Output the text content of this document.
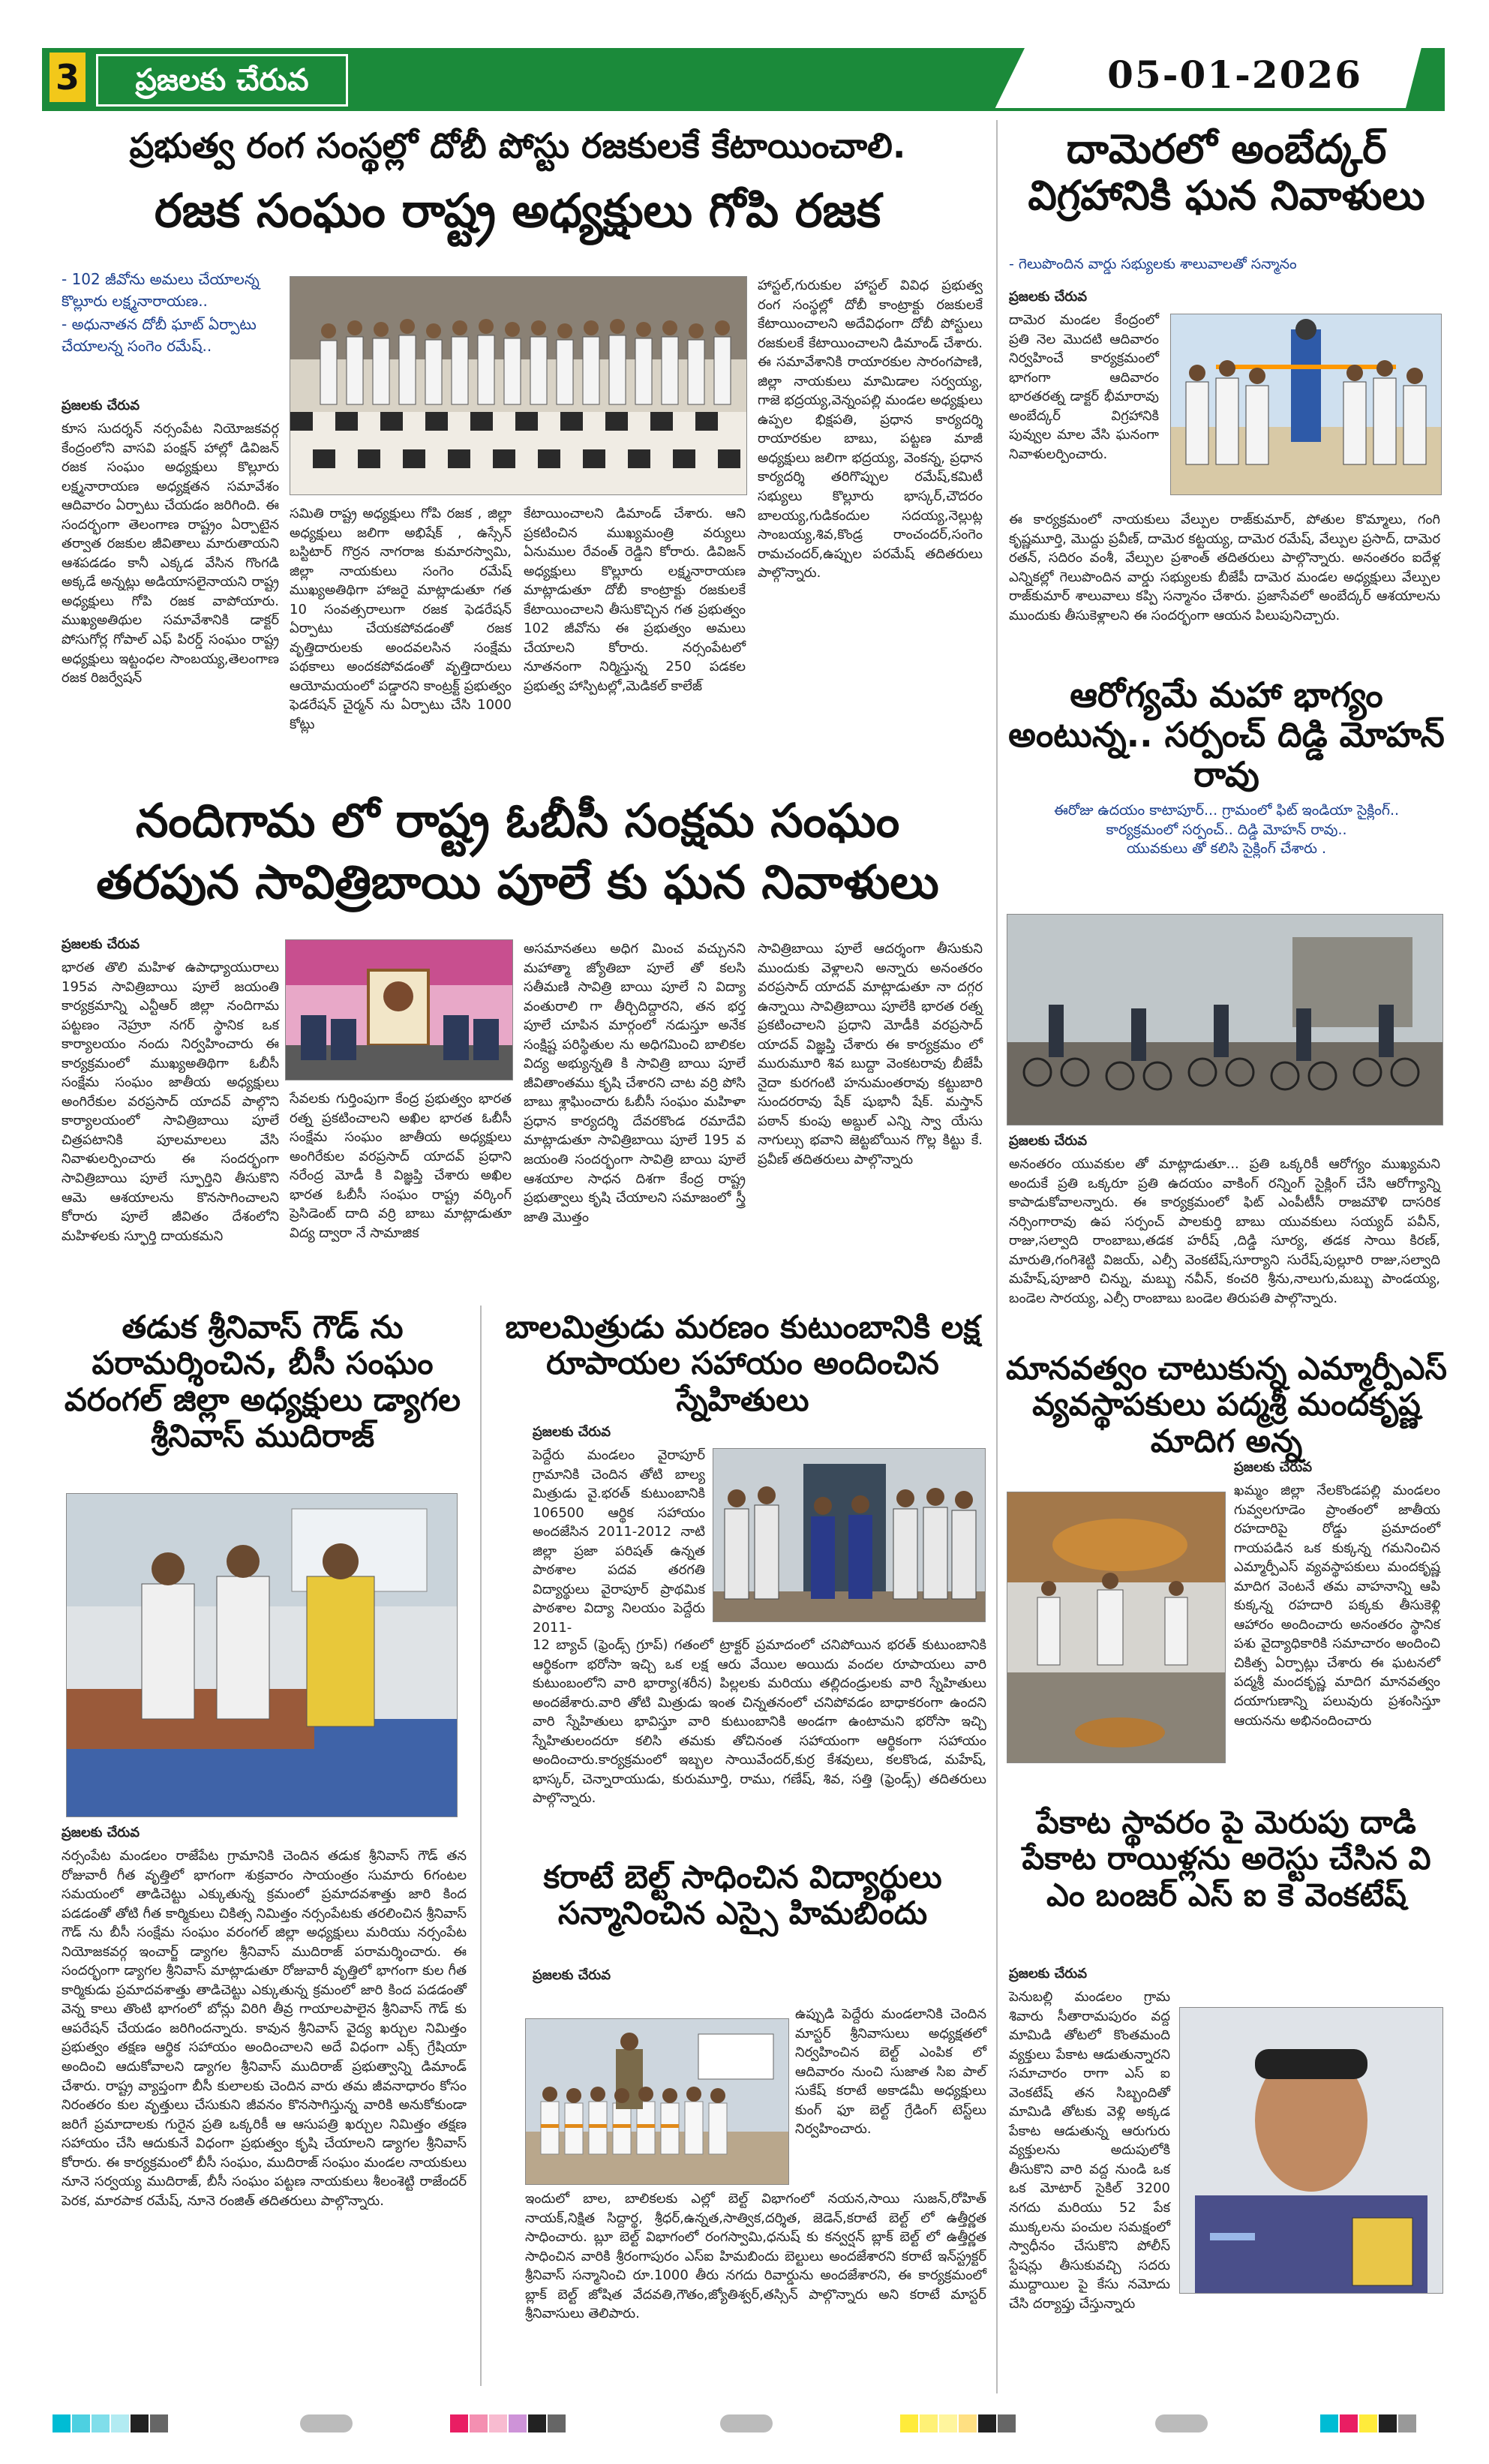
3	ప్రజలకు చేరువ	05-01-2026
ప్రభుత్వ రంగ సంస్థల్లో దోబీ పోస్టు రజకులకే కేటాయించాలి.
రజక సంఘం రాష్ట్ర అధ్యక్షులు గోపి రజక
- 102 జీవోను అమలు చేయాలన్న కొల్లూరు లక్ష్మనారాయణ..
- అధునాతన దోబీ ఘాట్ ఏర్పాటు చేయాలన్న సంగెం రమేష్..
ప్రజలకు చేరువ
కూస సుదర్శన్ నర్సంపేట నియోజకవర్గ కేంద్రంలోని వాసవి పంక్షన్ హాల్లో డివిజన్ రజక సంఘం అధ్యక్షులు కొల్లూరు లక్ష్మనారాయణ అధ్యక్షతన సమావేశం ఆదివారం ఏర్పాటు చేయడం జరిగింది. ఈ సందర్భంగా తెలంగాణ రాష్ట్రం ఏర్పాటైన తర్వాత రజకుల జీవితాలు మారుతాయని ఆశపడడం కానీ ఎక్కడ వేసిన గొంగడి అక్కడే అన్నట్లు అడియాసలైనాయని రాష్ట్ర అధ్యక్షులు గోపి రజక వాపోయారు. ముఖ్యఅతిథుల సమావేశానికి డాక్టర్ పోసుగోర్ల గోపాల్ ఎఫ్ పిరర్డ్ సంఘం రాష్ట్ర అధ్యక్షులు ఇట్టంధల సాంబయ్య,తెలంగాణ రజక రిజర్వేషన్
సమితి రాష్ట్ర అధ్యక్షులు గోపి రజక , జిల్లా అధ్యక్షులు జలిగా అభిషేక్ , ఉస్సేన్ బస్టిటార్ గొర్రన నాగరాజ కుమారస్వామి, జిల్లా నాయకులు సంగెం రమేష్ ముఖ్యఅతిథిగా హాజరై మాట్లాడుతూ గత 10 సంవత్సరాలుగా రజక ఫెడరేషన్ ఏర్పాటు చేయకపోవడంతో రజక వృత్తిదారులకు అందవలసిన సంక్షేమ పథకాలు అందకపోవడంతో వృత్తిదారులు ఆయోమయంలో పడ్డారని కాంట్రక్ట్ ప్రభుత్వం ఫెడరేషన్ చైర్మన్ ను ఏర్పాటు చేసి 1000 కోట్లు
కేటాయించాలని డిమాండ్ చేశారు. ఆని ప్రకటించిన ముఖ్యమంత్రి వర్యులు ఏనుముల రేవంత్ రెడ్డిని కోరారు. డివిజన్ అధ్యక్షులు కొల్లూరు లక్ష్మనారాయణ మాట్లాడుతూ దోబీ కాంట్రాక్టు రజకులకే కేటాయించాలని తీసుకొచ్చిన గత ప్రభుత్వం 102 జీవోను ఈ ప్రభుత్వం అమలు చేయాలని కోరారు. నర్సంపేటలో నూతనంగా నిర్మిస్తున్న 250 పడకల ప్రభుత్వ హాస్పిటల్లో,మెడికల్ కాలేజ్
హాస్టల్,గురుకుల హాస్టల్ వివిధ ప్రభుత్వ రంగ సంస్థల్లో దోబీ కాంట్రాక్టు రజకులకే కేటాయించాలని అదేవిధంగా దోబీ పోస్టులు రజకులకే కేటాయించాలని డిమాండ్ చేశారు. ఈ సమావేశానికి రాయారకుల సారంగపాణి, జిల్లా నాయకులు మామిడాల సర్వయ్య, గాజె భద్రయ్య,వెన్నంపల్లి మండల అధ్యక్షులు ఉప్పల భిక్షపతి, ప్రధాన కార్యదర్శి రాయారకుల బాబు, పట్టణ మాజీ అధ్యక్షులు జలిగా భద్రయ్య, వెంకన్న, ప్రధాన కార్యదర్శి తరిగొప్పుల రమేష్,కమిటీ సభ్యులు కొల్లూరు భాస్కర్,చౌదరం బాలయ్య,గుడికందుల సదయ్య,నెల్లుట్ల సాంబయ్య,శివ,కొండ్ర రాంచందర్,సంగెం రామచందర్,ఉప్పుల పరమేష్ తదితరులు పాల్గొన్నారు.
దామెరలో అంబేద్కర్ విగ్రహానికి ఘన నివాళులు
- గెలుపొందిన వార్డు సభ్యులకు శాలువాలతో సన్మానం
ప్రజలకు చేరువ
దామెర మండల కేంద్రంలో ప్రతి నెల మొదటి ఆదివారం నిర్వహించే కార్యక్రమంలో భాగంగా ఆదివారం భారతరత్న డాక్టర్ భీమారావు అంబేద్కర్ విగ్రహానికి పువ్వుల మాల వేసి ఘనంగా నివాళులర్పించారు.
ఈ కార్యక్రమంలో నాయకులు వేల్పుల రాజ్‌కుమార్, పోతుల కొమ్మాలు, గంగి కృష్ణమూర్తి, మొద్దు ప్రవీణ్, దామెర కట్టయ్య, దామెర రమేష్, వేల్పుల ప్రసాద్, దామెర రతన్, సదిరం వంశీ, వేల్పుల ప్రశాంత్ తదితరులు పాల్గొన్నారు. అనంతరం ఐదేళ్ల ఎన్నికల్లో గెలుపొందిన వార్డు సభ్యులకు బీజేపీ దామెర మండల అధ్యక్షులు వేల్పుల రాజ్‌కుమార్ శాలువాలు కప్పి సన్మానం చేశారు. ప్రజాసేవలో అంబేద్కర్ ఆశయాలను ముందుకు తీసుకెళ్లాలని ఈ సందర్భంగా ఆయన పిలుపునిచ్చారు.
ఆరోగ్యమే మహా భాగ్యం అంటున్న.. సర్పంచ్ దిడ్డి మోహన్ రావు
ఈరోజు ఉదయం కాటాపూర్... గ్రామంలో ఫిట్ ఇండియా సైక్లింగ్..
కార్యక్రమంలో సర్పంచ్.. దిడ్డి మోహన్ రావు..
యువకులు తో కలిసి సైక్లింగ్ చేశారు .
ప్రజలకు చేరువ
అనంతరం యువకుల తో మాట్లాడుతూ... ప్రతి ఒక్కరికీ ఆరోగ్యం ముఖ్యమని అందుకే ప్రతి ఒక్కరూ ప్రతి ఉదయం వాకింగ్ రన్నింగ్ సైక్లింగ్ చేసి ఆరోగ్యాన్ని కాపాడుకోవాలన్నారు. ఈ కార్యక్రమంలో ఫిట్ ఎంపీటీసీ రాజమౌళి దాసరిక నర్సింగారావు ఉప సర్పంచ్ పాలకుర్తి బాబు యువకులు సయ్యద్ పవీన్, రాజు,సల్వాది రాంబాబు,తడక హరీష్ ,దిడ్డి సూర్య, తడక సాయి కిరణ్, మారుతి,గంగిశెట్టి విజయ్, ఎల్సీ వెంకటేష్,సూర్యాని సురేష్,పుల్లూరి రాజు,సల్వాది మహేష్,పూజారి చిన్ను, మబ్బు నవీన్, కంచరి శ్రీను,నాలుగు,మబ్బు పాండయ్య, బండెల సారయ్య, ఎల్సీ రాంబాబు బండెల తిరుపతి పాల్గొన్నారు.
నందిగామ లో రాష్ట్ర ఓబీసీ సంక్షమ సంఘం
తరపున సావిత్రిబాయి పూలే కు ఘన నివాళులు
ప్రజలకు చేరువ
భారత తొలి మహిళ ఉపాధ్యాయురాలు 195వ సావిత్రిబాయి పూలే జయంతి కార్యక్రమాన్ని ఎన్టీఆర్ జిల్లా నందిగామ పట్టణం నెహ్రూ నగర్ స్థానిక ఒక కార్యాలయం నందు నిర్వహించారు ఈ కార్యక్రమంలో ముఖ్యఅతిథిగా ఓబీసీ సంక్షేమ సంఘం జాతీయ అధ్యక్షులు అంగిరేకుల వరప్రసాద్ యాదవ్ పాల్గొని కార్యాలయంలో సావిత్రిబాయి పూలే చిత్రపటానికి పూలమాలలు వేసి నివాళులర్పించారు ఈ సందర్భంగా సావిత్రిబాయి పూలే స్ఫూర్తిని తీసుకొని ఆమె ఆశయాలను కొనసాగించాలని కోరారు పూలే జీవితం దేశంలోని మహిళలకు స్ఫూర్తి దాయకమని
సేవలకు గుర్తింపుగా కేంద్ర ప్రభుత్వం భారత రత్న ప్రకటించాలని అఖిల భారత ఓబీసీ సంక్షేమ సంఘం జాతీయ అధ్యక్షులు అంగిరేకుల వరప్రసాద్ యాదవ్ ప్రధాని నరేంద్ర మోడీ కి విజ్ఞప్తి చేశారు అఖిల భారత ఓబీసీ సంఘం రాష్ట్ర వర్కింగ్ ప్రెసిడెంట్ దాది వర్రి బాబు మాట్లాడుతూ విద్య ద్వారా నే సామాజిక
అసమానతలు అధిగ మించ వచ్చునని మహాత్మా జ్యోతిబా పూలే తో కలసి సతీమణి సావిత్రి బాయి పూలే ని విద్యా వంతురాలి గా తీర్చిదిద్దారని, తన భర్త పూలే చూపిన మార్గంలో నడుస్తూ అనేక సంక్షిష్ట పరిస్థితుల ను అధిగమించి బాలికల విద్య అభ్యున్నతి కి సావిత్రి బాయి పూలే జీవితాంతము కృషి చేశారని చాట వర్రి పోసి బాబు శ్లాఘించారు ఓబీసీ సంఘం మహిళా ప్రధాన కార్యదర్శి దేవరకొండ రమాదేవి మాట్లాడుతూ సావిత్రిబాయి పూలే 195 వ జయంతి సందర్భంగా సావిత్రి బాయి పూలే ఆశయాల సాధన దిశగా కేంద్ర రాష్ట్ర ప్రభుత్వాలు కృషి చేయాలని సమాజంలో స్త్రీ జాతి మొత్తం
సావిత్రిబాయి పూలే ఆదర్శంగా తీసుకుని ముందుకు వెళ్లాలని అన్నారు అనంతరం వరప్రసాద్ యాదవ్ మాట్లాడుతూ నా దగ్గర ఉన్నాయి సావిత్రిబాయి పూలేకి భారత రత్న ప్రకటించాలని ప్రధాని మోడీకి వరప్రసాద్ యాదవ్ విజ్ఞప్తి చేశారు ఈ కార్యక్రమం లో మురుమూరి శివ బుద్దా వెంకటరావు బీజేపీ నైదా కురగంటి హనుమంతరావు కట్టుబారి సుందరరావు షేక్ షుభానీ షేక్. మస్తాన్ పఠాన్ కుంపు అబ్దుల్ ఎన్ని స్వా యేసు నాగుల్సు భవాని జెట్టబోయిన గొల్ల కిట్టు కే. ప్రవీణ్ తదితరులు పాల్గొన్నారు
తడుక శ్రీనివాస్ గౌడ్ ను పరామర్శించిన, బీసీ సంఘం వరంగల్ జిల్లా అధ్యక్షులు డ్యాగల శ్రీనివాస్ ముదిరాజ్
ప్రజలకు చేరువ
నర్సంపేట మండలం రాజేపేట గ్రామానికి చెందిన తడుక శ్రీనివాస్ గౌడ్ తన రోజువారీ గీత వృత్తిలో భాగంగా శుక్రవారం సాయంత్రం సుమారు 6గంటల సమయంలో తాడిచెట్టు ఎక్కుతున్న క్రమంలో ప్రమాదవశాత్తు జారి కింద పడడంతో తోటి గీత కార్మికులు చికిత్స నిమిత్తం నర్సంపేటకు తరలించిన శ్రీనివాస్ గౌడ్ ను బీసీ సంక్షేమ సంఘం వరంగల్ జిల్లా అధ్యక్షులు మరియు నర్సంపేట నియోజకవర్గ ఇంచార్జ్ డ్యాగల శ్రీనివాస్ ముదిరాజ్ పరామర్శించారు. ఈ సందర్భంగా డ్యాగల శ్రీనివాస్ మాట్లాడుతూ రోజువారీ వృత్తిలో భాగంగా కుల గీత కార్మికుడు ప్రమాదవశాత్తు తాడిచెట్టు ఎక్కుతున్న క్రమంలో జారి కింద పడడంతో వెన్న కాలు తొంటి భాగంలో బోన్లు విరిగి తీవ్ర గాయాలపాలైన శ్రీనివాస్ గౌడ్ కు ఆపరేషన్ చేయడం జరిగిందన్నారు. కావున శ్రీనివాస్ వైద్య ఖర్చుల నిమిత్తం ప్రభుత్వం తక్షణ ఆర్థిక సహాయం అందించాలని అదే విధంగా ఎక్స్ గ్రేషియా అందించి ఆదుకోవాలని డ్యాగల శ్రీనివాస్ ముదిరాజ్ ప్రభుత్వాన్ని డిమాండ్ చేశారు. రాష్ట్ర వ్యాప్తంగా బీసీ కులాలకు చెందిన వారు తమ జీవనాధారం కోసం నిరంతరం కుల వృత్తులు చేసుకుని జీవనం కొనసాగిస్తున్న వారికి అనుకోకుండా జరిగే ప్రమాదాలకు గురైన ప్రతి ఒక్కరికీ ఆ ఆసుపత్రి ఖర్చుల నిమిత్తం తక్షణ సహాయం చేసి ఆదుకునే విధంగా ప్రభుత్వం కృషి చేయాలని డ్యాగల శ్రీనివాస్ కోరారు. ఈ కార్యక్రమంలో బీసీ సంఘం, ముదిరాజ్ సంఘం మండల నాయకులు నూనె సర్వయ్య ముదిరాజ్, బీసీ సంఘం పట్టణ నాయకులు శీలంశెట్టి రాజేందర్ పెరక, మారపాక రమేష్, నూనె రంజిత్ తదితరులు పాల్గొన్నారు.
బాలమిత్రుడు మరణం కుటుంబానికి లక్ష రూపాయల సహాయం అందించిన స్నేహితులు
ప్రజలకు చేరువ
పెద్దేరు మండలం వైరాపూర్ గ్రామానికి చెందిన తోటి బాల్య మిత్రుడు వై.భరత్ కుటుంబానికి 106500 ఆర్థిక సహాయం అందజేసిన 2011-2012 నాటి జిల్లా ప్రజా పరిషత్ ఉన్నత పాఠశాల పదవ తరగతి విద్యార్థులు వైరాపూర్ ప్రాథమిక పాఠశాల విద్యా నిలయం పెద్దేరు 2011-
12 బ్యాచ్ (ఫ్రెండ్స్ గ్రూప్) గతంలో ట్రాక్టర్ ప్రమాదంలో చనిపోయిన భరత్ కుటుంబానికి ఆర్థికంగా భరోసా ఇచ్చి ఒక లక్ష ఆరు వేయిల అయిదు వందల రూపాయలు వారి కుటుంబంలోని వారి భార్యా(శరీన) పిల్లలకు మరియు తల్లిదండ్రులకు వారి స్నేహితులు అందజేశారు.వారి తోటి మిత్రుడు ఇంత చిన్నతనంలో చనిపోవడం బాధాకరంగా ఉందని వారి స్నేహితులు భావిస్తూ వారి కుటుంబానికి అండగా ఉంటామని భరోసా ఇచ్చి స్నేహితులందరూ కలిసి తమకు తోచినంత సహాయంగా ఆర్థికంగా సహాయం అందించారు.కార్యక్రమంలో ఇబ్బల సాయివేందర్,కుర్ర కేశవులు, కలకొండ, మహేష్, భాస్కర్, చెన్నారాయుడు, కురుమూర్తి, రాము, గణేష్, శివ, సత్తి (ఫ్రెండ్స్) తదితరులు పాల్గొన్నారు.
కరాటే బెల్ట్ సాధించిన విద్యార్థులు సన్మానించిన ఎస్సై హిమబిందు
ప్రజలకు చేరువ
ఉప్పుడి పెద్దేరు మండలానికి చెందిన మాస్టర్ శ్రీనివాసులు అధ్యక్షతలో నిర్వహించిన బెల్ట్ ఎంపిక లో ఆదివారం నుంచి సుజాత సిఐ పాల్ సుకేష్ కరాటే అకాడమీ అధ్యక్షులు కుంగ్ ఫూ బెల్ట్ గ్రేడింగ్ టెస్ట్‌లు నిర్వహించారు.
ఇందులో బాల, బాలికలకు ఎల్లో బెల్ట్ విభాగంలో నయన,సాయి సుజన్,రోహిత్ నాయక్,నిక్షిత సిద్దార్థ, శ్రీధర్,ఉన్నత,సాత్విక,దర్శిత, జెడెన్,కరాటే బెల్ట్ లో ఉత్తీర్ణత సాధించారు. బ్లూ బెల్ట్ విభాగంలో రంగస్వామి,ధనుష్ కు కన్వర్షన్ బ్లాక్ బెల్ట్ లో ఉత్తీర్ణత సాధించిన వారికి శ్రీరంగాపురం ఎస్‌ఐ హిమబిందు బెల్టులు అందజేశారని కరాటే ఇన్‌స్ట్రక్టర్ శ్రీనివాస్ సన్మానించి రూ.1000 తీరు నగదు రివార్డును అందజేశారని, ఈ కార్యక్రమంలో బ్లాక్ బెల్ట్ జోషిత వేదవతి,గౌతం,జ్యోతిశ్వర్,తస్సిన్ పాల్గొన్నారు అని కరాటే మాస్టర్ శ్రీనివాసులు తెలిపారు.
మానవత్వం చాటుకున్న ఎమ్మార్పీఎస్ వ్యవస్థాపకులు పద్మశ్రీ మందకృష్ణ మాదిగ అన్న
ప్రజలకు చేరువ
ఖమ్మం జిల్లా నేలకొండపల్లి మండలం గువ్వలగూడెం ప్రాంతంలో జాతీయ రహదారిపై రోడ్డు ప్రమాదంలో గాయపడిన ఒక కుక్కన్న గమనించిన ఎమ్మార్పీఎస్ వ్యవస్థాపకులు మందకృష్ణ మాదిగ వెంటనే తమ వాహనాన్ని ఆపి కుక్కన్న రహదారి పక్కకు తీసుకెళ్లి ఆహారం అందించారు అనంతరం స్థానిక పశు వైద్యాధికారికి సమాచారం అందించి చికిత్స ఏర్పాట్లు చేశారు ఈ ఘటనలో పద్మశ్రీ మందకృష్ణ మాదిగ మానవత్వం దయాగుణాన్ని పలువురు ప్రశంసిస్తూ ఆయనను అభినందించారు
పేకాట స్థావరం పై మెరుపు దాడి పేకాట రాయిళ్లను అరెస్టు చేసిన వి ఎం బంజర్ ఎస్ ఐ కె వెంకటేష్
ప్రజలకు చేరువ
పెనుబల్లి మండలం గ్రామ శివారు సీతారామపురం వద్ద మామిడి తోటలో కొంతమంది వ్యక్తులు పేకాట ఆడుతున్నారని సమాచారం రాగా ఎస్ ఐ వెంకటేష్ తన సిబ్బందితో మామిడి తోటకు వెళ్లి అక్కడ పేకాట ఆడుతున్న ఆరుగురు వ్యక్తులను అదుపులోకి తీసుకొని వారి వద్ద నుండి ఒక ఒక మోటార్ సైకిల్ 3200 నగదు మరియు 52 పేక ముక్కలను పంచుల సమక్షంలో స్వాధీనం చేసుకొని పోలీస్ స్టేషన్లు తీసుకువచ్చి సదరు ముద్దాయిల పై కేసు నమోదు చేసి దర్యాప్తు చేస్తున్నారు
